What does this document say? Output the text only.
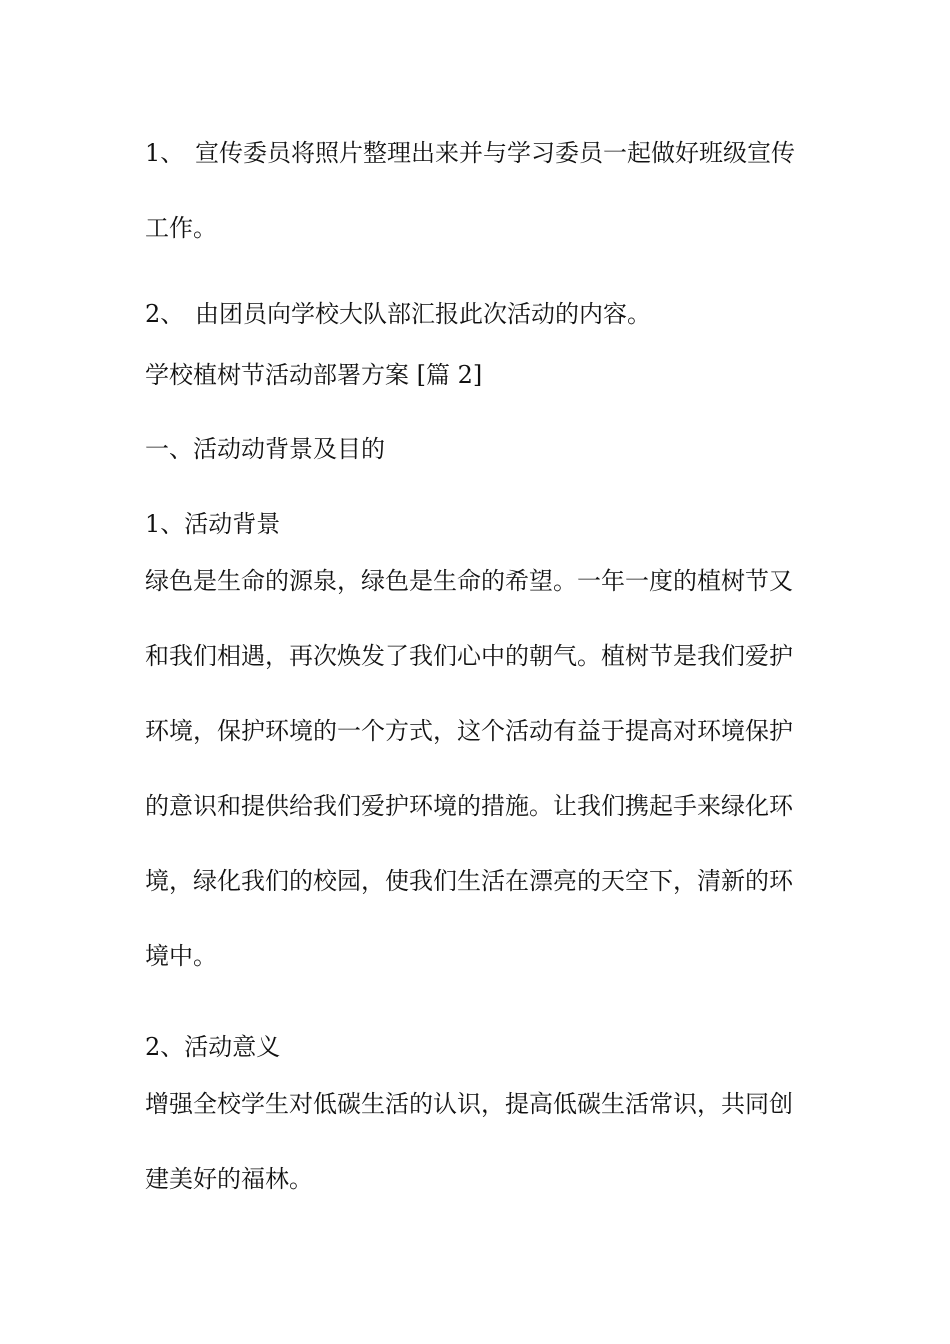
1、 宣传委员将照片整理出来并与学习委员一起做好班级宣传工作。

2、 由团员向学校大队部汇报此次活动的内容。

学校植树节活动部署方案 [篇 2]

一、活动动背景及目的

1、活动背景

绿色是生命的源泉，绿色是生命的希望。一年一度的植树节又和我们相遇，再次焕发了我们心中的朝气。植树节是我们爱护环境，保护环境的一个方式，这个活动有益于提高对环境保护的意识和提供给我们爱护环境的措施。让我们携起手来绿化环境，绿化我们的校园，使我们生活在漂亮的天空下，清新的环境中。

2、活动意义

增强全校学生对低碳生活的认识，提高低碳生活常识，共同创建美好的福林。
